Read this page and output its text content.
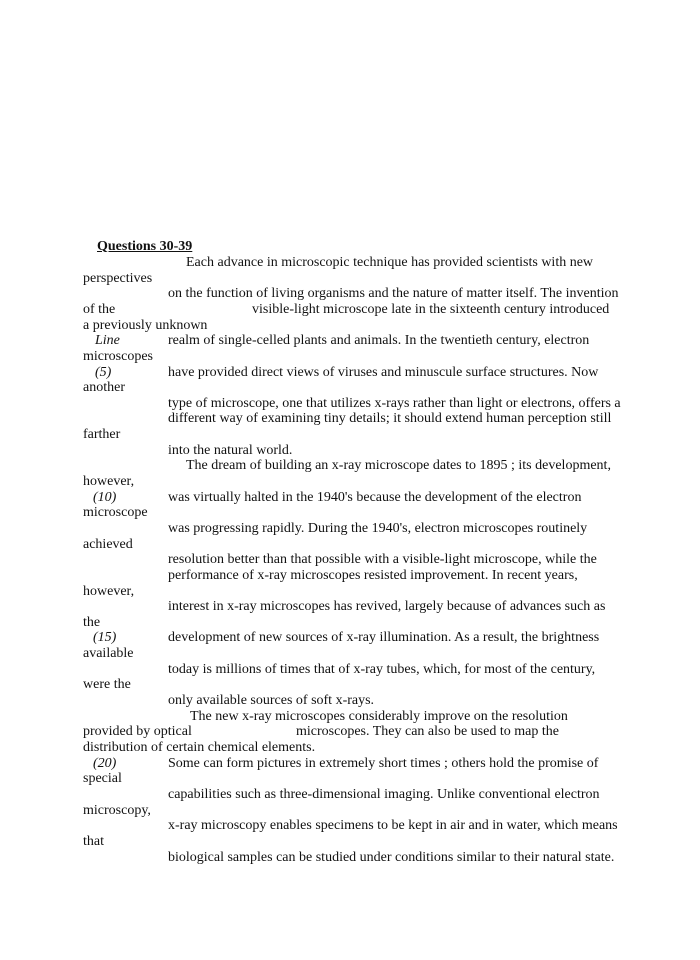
Questions 30-39
Each advance in microscopic technique has provided scientists with new
perspectives
on the function of living organisms and the nature of matter itself. The invention
of the	visible-light microscope late in the sixteenth century introduced
a previously unknown
Line	realm of single-celled plants and animals. In the twentieth century, electron
microscopes
(5)	have provided direct views of viruses and minuscule surface structures. Now
another
type of microscope, one that utilizes x-rays rather than light or electrons, offers a
different way of examining tiny details; it should extend human perception still
farther
into the natural world.
The dream of building an x-ray microscope dates to 1895 ; its development,
however,
(10)	was virtually halted in the 1940's because the development of the electron
microscope
was progressing rapidly. During the 1940's, electron microscopes routinely
achieved
resolution better than that possible with a visible-light microscope, while the
performance of x-ray microscopes resisted improvement. In recent years,
however,
interest in x-ray microscopes has revived, largely because of advances such as
the
(15)	development of new sources of x-ray illumination. As a result, the brightness
available
today is millions of times that of x-ray tubes, which, for most of the century,
were the
only available sources of soft x-rays.
The new x-ray microscopes considerably improve on the resolution
provided by optical	microscopes. They can also be used to map the
distribution of certain chemical elements.
(20)	Some can form pictures in extremely short times ; others hold the promise of
special
capabilities such as three-dimensional imaging. Unlike conventional electron
microscopy,
x-ray microscopy enables specimens to be kept in air and in water, which means
that
biological samples can be studied under conditions similar to their natural state.
